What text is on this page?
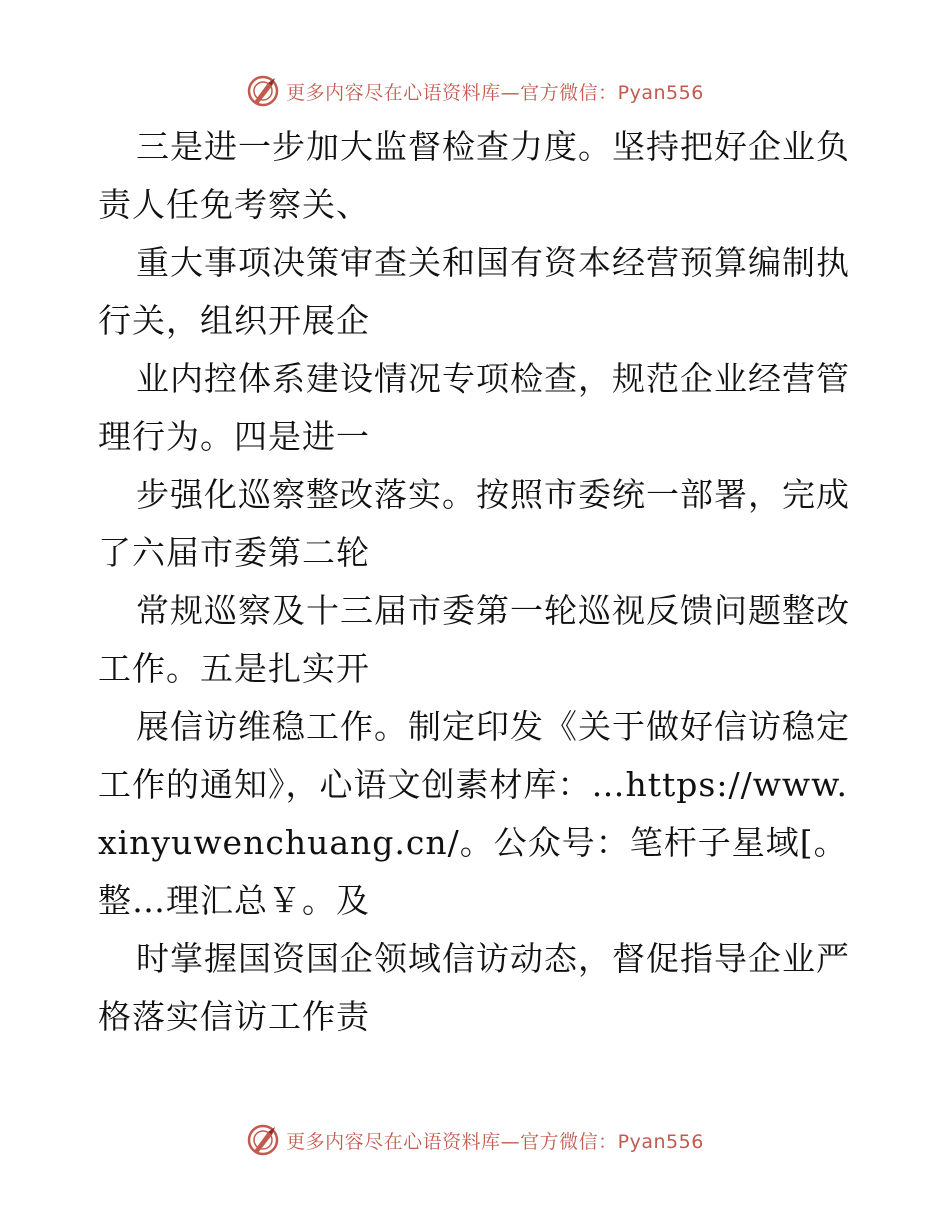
更多内容尽在心语资料库—官方微信：Pyan556

三是进一步加大监督检查力度。坚持把好企业负责人任免考察关、

重大事项决策审查关和国有资本经营预算编制执行关，组织开展企

业内控体系建设情况专项检查，规范企业经营管理行为。四是进一

步强化巡察整改落实。按照市委统一部署，完成了六届市委第二轮

常规巡察及十三届市委第一轮巡视反馈问题整改工作。五是扎实开

展信访维稳工作。制定印发《关于做好信访稳定工作的通知》，心语文创素材库：…https://www.xinyuwenchuang.cn/。公众号：笔杆子星域[。整…理汇总￥。及

时掌握国资国企领域信访动态，督促指导企业严格落实信访工作责

更多内容尽在心语资料库—官方微信：Pyan556
